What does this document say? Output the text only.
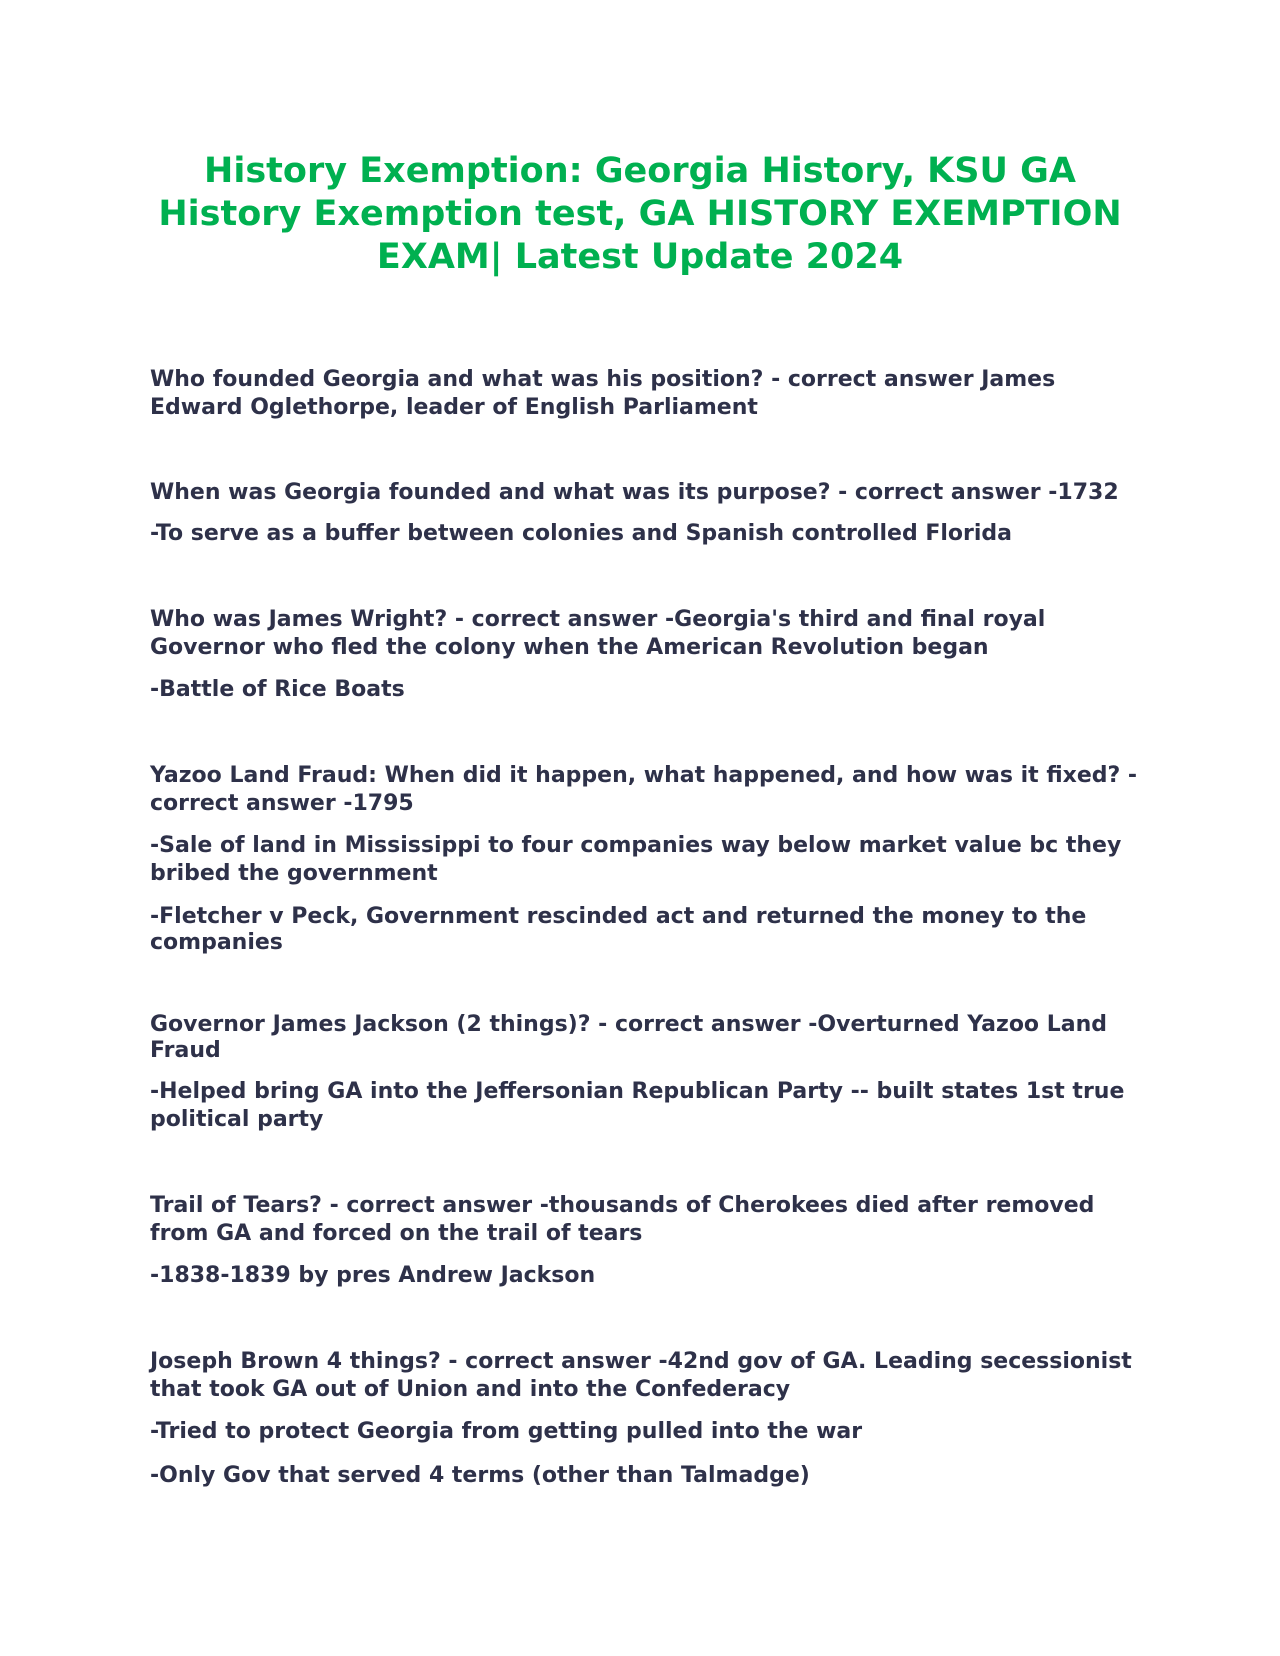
History Exemption: Georgia History, KSU GA History Exemption test, GA HISTORY EXEMPTION EXAM| Latest Update 2024

Who founded Georgia and what was his position? - correct answer James Edward Oglethorpe, leader of English Parliament

When was Georgia founded and what was its purpose? - correct answer -1732

-To serve as a buffer between colonies and Spanish controlled Florida

Who was James Wright? - correct answer -Georgia's third and final royal Governor who fled the colony when the American Revolution began

-Battle of Rice Boats

Yazoo Land Fraud: When did it happen, what happened, and how was it fixed? - correct answer -1795

-Sale of land in Mississippi to four companies way below market value bc they bribed the government

-Fletcher v Peck, Government rescinded act and returned the money to the companies

Governor James Jackson (2 things)? - correct answer -Overturned Yazoo Land Fraud

-Helped bring GA into the Jeffersonian Republican Party -- built states 1st true political party

Trail of Tears? - correct answer -thousands of Cherokees died after removed from GA and forced on the trail of tears

-1838-1839 by pres Andrew Jackson

Joseph Brown 4 things? - correct answer -42nd gov of GA. Leading secessionist that took GA out of Union and into the Confederacy

-Tried to protect Georgia from getting pulled into the war

-Only Gov that served 4 terms (other than Talmadge)
